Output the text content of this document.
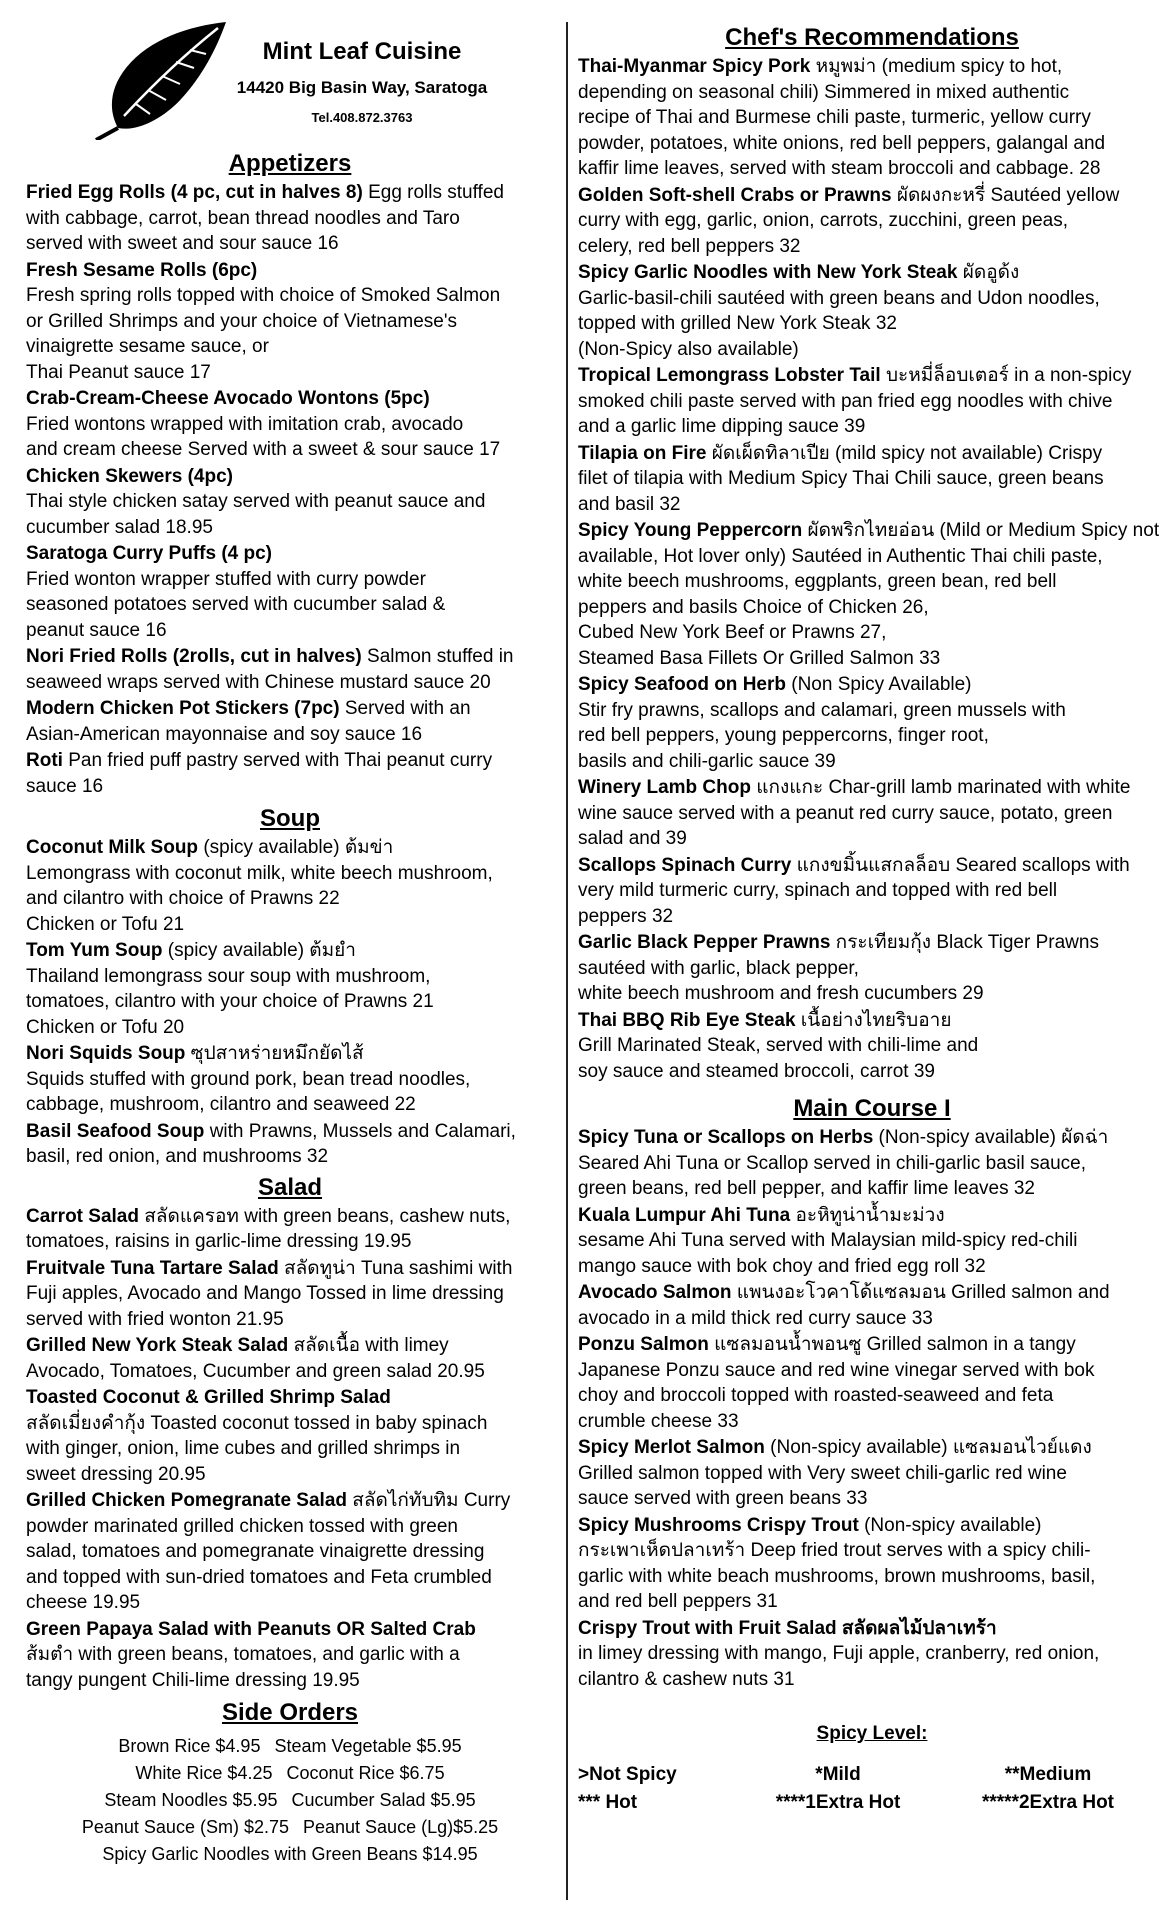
Mint Leaf Cuisine
14420 Big Basin Way, Saratoga
Tel.408.872.3763
Appetizers
Fried Egg Rolls (4 pc, cut in halves 8) Egg rolls stuffed
with cabbage, carrot, bean thread noodles and Taro
served with sweet and sour sauce 16
Fresh Sesame Rolls (6pc)
Fresh spring rolls topped with choice of Smoked Salmon
or Grilled Shrimps and your choice of Vietnamese's
vinaigrette sesame sauce, or
Thai Peanut sauce 17
Crab-Cream-Cheese Avocado Wontons (5pc)
Fried wontons wrapped with imitation crab, avocado
and cream cheese Served with a sweet & sour sauce 17
Chicken Skewers (4pc)
Thai style chicken satay served with peanut sauce and
cucumber salad 18.95
Saratoga Curry Puffs (4 pc)
Fried wonton wrapper stuffed with curry powder
seasoned potatoes served with cucumber salad &
peanut sauce 16
Nori Fried Rolls (2rolls, cut in halves) Salmon stuffed in
seaweed wraps served with Chinese mustard sauce 20
Modern Chicken Pot Stickers (7pc) Served with an
Asian-American mayonnaise and soy sauce 16
Roti Pan fried puff pastry served with Thai peanut curry
sauce 16
Soup
Coconut Milk Soup (spicy available) ต้มข่า
Lemongrass with coconut milk, white beech mushroom,
and cilantro with choice of Prawns 22
Chicken or Tofu 21
Tom Yum Soup (spicy available) ต้มยำ
Thailand lemongrass sour soup with mushroom,
tomatoes, cilantro with your choice of Prawns 21
Chicken or Tofu 20
Nori Squids Soup ซุปสาหร่ายหมึกยัดไส้
Squids stuffed with ground pork, bean tread noodles,
cabbage, mushroom, cilantro and seaweed 22
Basil Seafood Soup with Prawns, Mussels and Calamari,
basil, red onion, and mushrooms 32
Salad
Carrot Salad สลัดแครอท with green beans, cashew nuts,
tomatoes, raisins in garlic-lime dressing 19.95
Fruitvale Tuna Tartare Salad สลัดทูน่า Tuna sashimi with
Fuji apples, Avocado and Mango Tossed in lime dressing
served with fried wonton 21.95
Grilled New York Steak Salad สลัดเนื้อ with limey
Avocado, Tomatoes, Cucumber and green salad 20.95
Toasted Coconut & Grilled Shrimp Salad
สลัดเมี่ยงคำกุ้ง Toasted coconut tossed in baby spinach
with ginger, onion, lime cubes and grilled shrimps in
sweet dressing 20.95
Grilled Chicken Pomegranate Salad สลัดไก่ทับทิม Curry
powder marinated grilled chicken tossed with green
salad, tomatoes and pomegranate vinaigrette dressing
and topped with sun-dried tomatoes and Feta crumbled
cheese 19.95
Green Papaya Salad with Peanuts OR Salted Crab
ส้มตำ with green beans, tomatoes, and garlic with a
tangy pungent Chili-lime dressing 19.95
Side Orders
Brown Rice $4.95 Steam Vegetable $5.95
White Rice $4.25 Coconut Rice $6.75
Steam Noodles $5.95 Cucumber Salad $5.95
Peanut Sauce (Sm) $2.75 Peanut Sauce (Lg)$5.25
Spicy Garlic Noodles with Green Beans $14.95
Chef's Recommendations
Thai-Myanmar Spicy Pork หมูพม่า (medium spicy to hot,
depending on seasonal chili) Simmered in mixed authentic
recipe of Thai and Burmese chili paste, turmeric, yellow curry
powder, potatoes, white onions, red bell peppers, galangal and
kaffir lime leaves, served with steam broccoli and cabbage. 28
Golden Soft-shell Crabs or Prawns ผัดผงกะหรี่ Sautéed yellow
curry with egg, garlic, onion, carrots, zucchini, green peas,
celery, red bell peppers 32
Spicy Garlic Noodles with New York Steak ผัดอูด้ง
Garlic-basil-chili sautéed with green beans and Udon noodles,
topped with grilled New York Steak 32
(Non-Spicy also available)
Tropical Lemongrass Lobster Tail บะหมี่ล็อบเตอร์ in a non-spicy
smoked chili paste served with pan fried egg noodles with chive
and a garlic lime dipping sauce 39
Tilapia on Fire ผัดเผ็ดทิลาเปีย (mild spicy not available) Crispy
filet of tilapia with Medium Spicy Thai Chili sauce, green beans
and basil 32
Spicy Young Peppercorn ผัดพริกไทยอ่อน (Mild or Medium Spicy not
available, Hot lover only) Sautéed in Authentic Thai chili paste,
white beech mushrooms, eggplants, green bean, red bell
peppers and basils Choice of Chicken 26,
Cubed New York Beef or Prawns 27,
Steamed Basa Fillets Or Grilled Salmon 33
Spicy Seafood on Herb (Non Spicy Available)
Stir fry prawns, scallops and calamari, green mussels with
red bell peppers, young peppercorns, finger root,
basils and chili-garlic sauce 39
Winery Lamb Chop แกงแกะ Char-grill lamb marinated with white
wine sauce served with a peanut red curry sauce, potato, green
salad and 39
Scallops Spinach Curry แกงขมิ้นแสกลล็อบ Seared scallops with
very mild turmeric curry, spinach and topped with red bell
peppers 32
Garlic Black Pepper Prawns กระเทียมกุ้ง Black Tiger Prawns
sautéed with garlic, black pepper,
white beech mushroom and fresh cucumbers 29
Thai BBQ Rib Eye Steak เนื้อย่างไทยริบอาย
Grill Marinated Steak, served with chili-lime and
soy sauce and steamed broccoli, carrot 39
Main Course I
Spicy Tuna or Scallops on Herbs (Non-spicy available) ผัดฉ่า
Seared Ahi Tuna or Scallop served in chili-garlic basil sauce,
green beans, red bell pepper, and kaffir lime leaves 32
Kuala Lumpur Ahi Tuna อะหิทูน่าน้ำมะม่วง
sesame Ahi Tuna served with Malaysian mild-spicy red-chili
mango sauce with bok choy and fried egg roll 32
Avocado Salmon แพนงอะโวคาโด้แซลมอน Grilled salmon and
avocado in a mild thick red curry sauce 33
Ponzu Salmon แซลมอนน้ำพอนซู Grilled salmon in a tangy
Japanese Ponzu sauce and red wine vinegar served with bok
choy and broccoli topped with roasted-seaweed and feta
crumble cheese 33
Spicy Merlot Salmon (Non-spicy available) แซลมอนไวย์แดง
Grilled salmon topped with Very sweet chili-garlic red wine
sauce served with green beans 33
Spicy Mushrooms Crispy Trout (Non-spicy available)
กระเพาเห็ดปลาเทร้า Deep fried trout serves with a spicy chili-
garlic with white beach mushrooms, brown mushrooms, basil,
and red bell peppers 31
Crispy Trout with Fruit Salad สลัดผลไม้ปลาเทร้า
in limey dressing with mango, Fuji apple, cranberry, red onion,
cilantro & cashew nuts 31
Spicy Level:
>Not Spicy	*Mild	**Medium
*** Hot	****1Extra Hot	*****2Extra Hot
